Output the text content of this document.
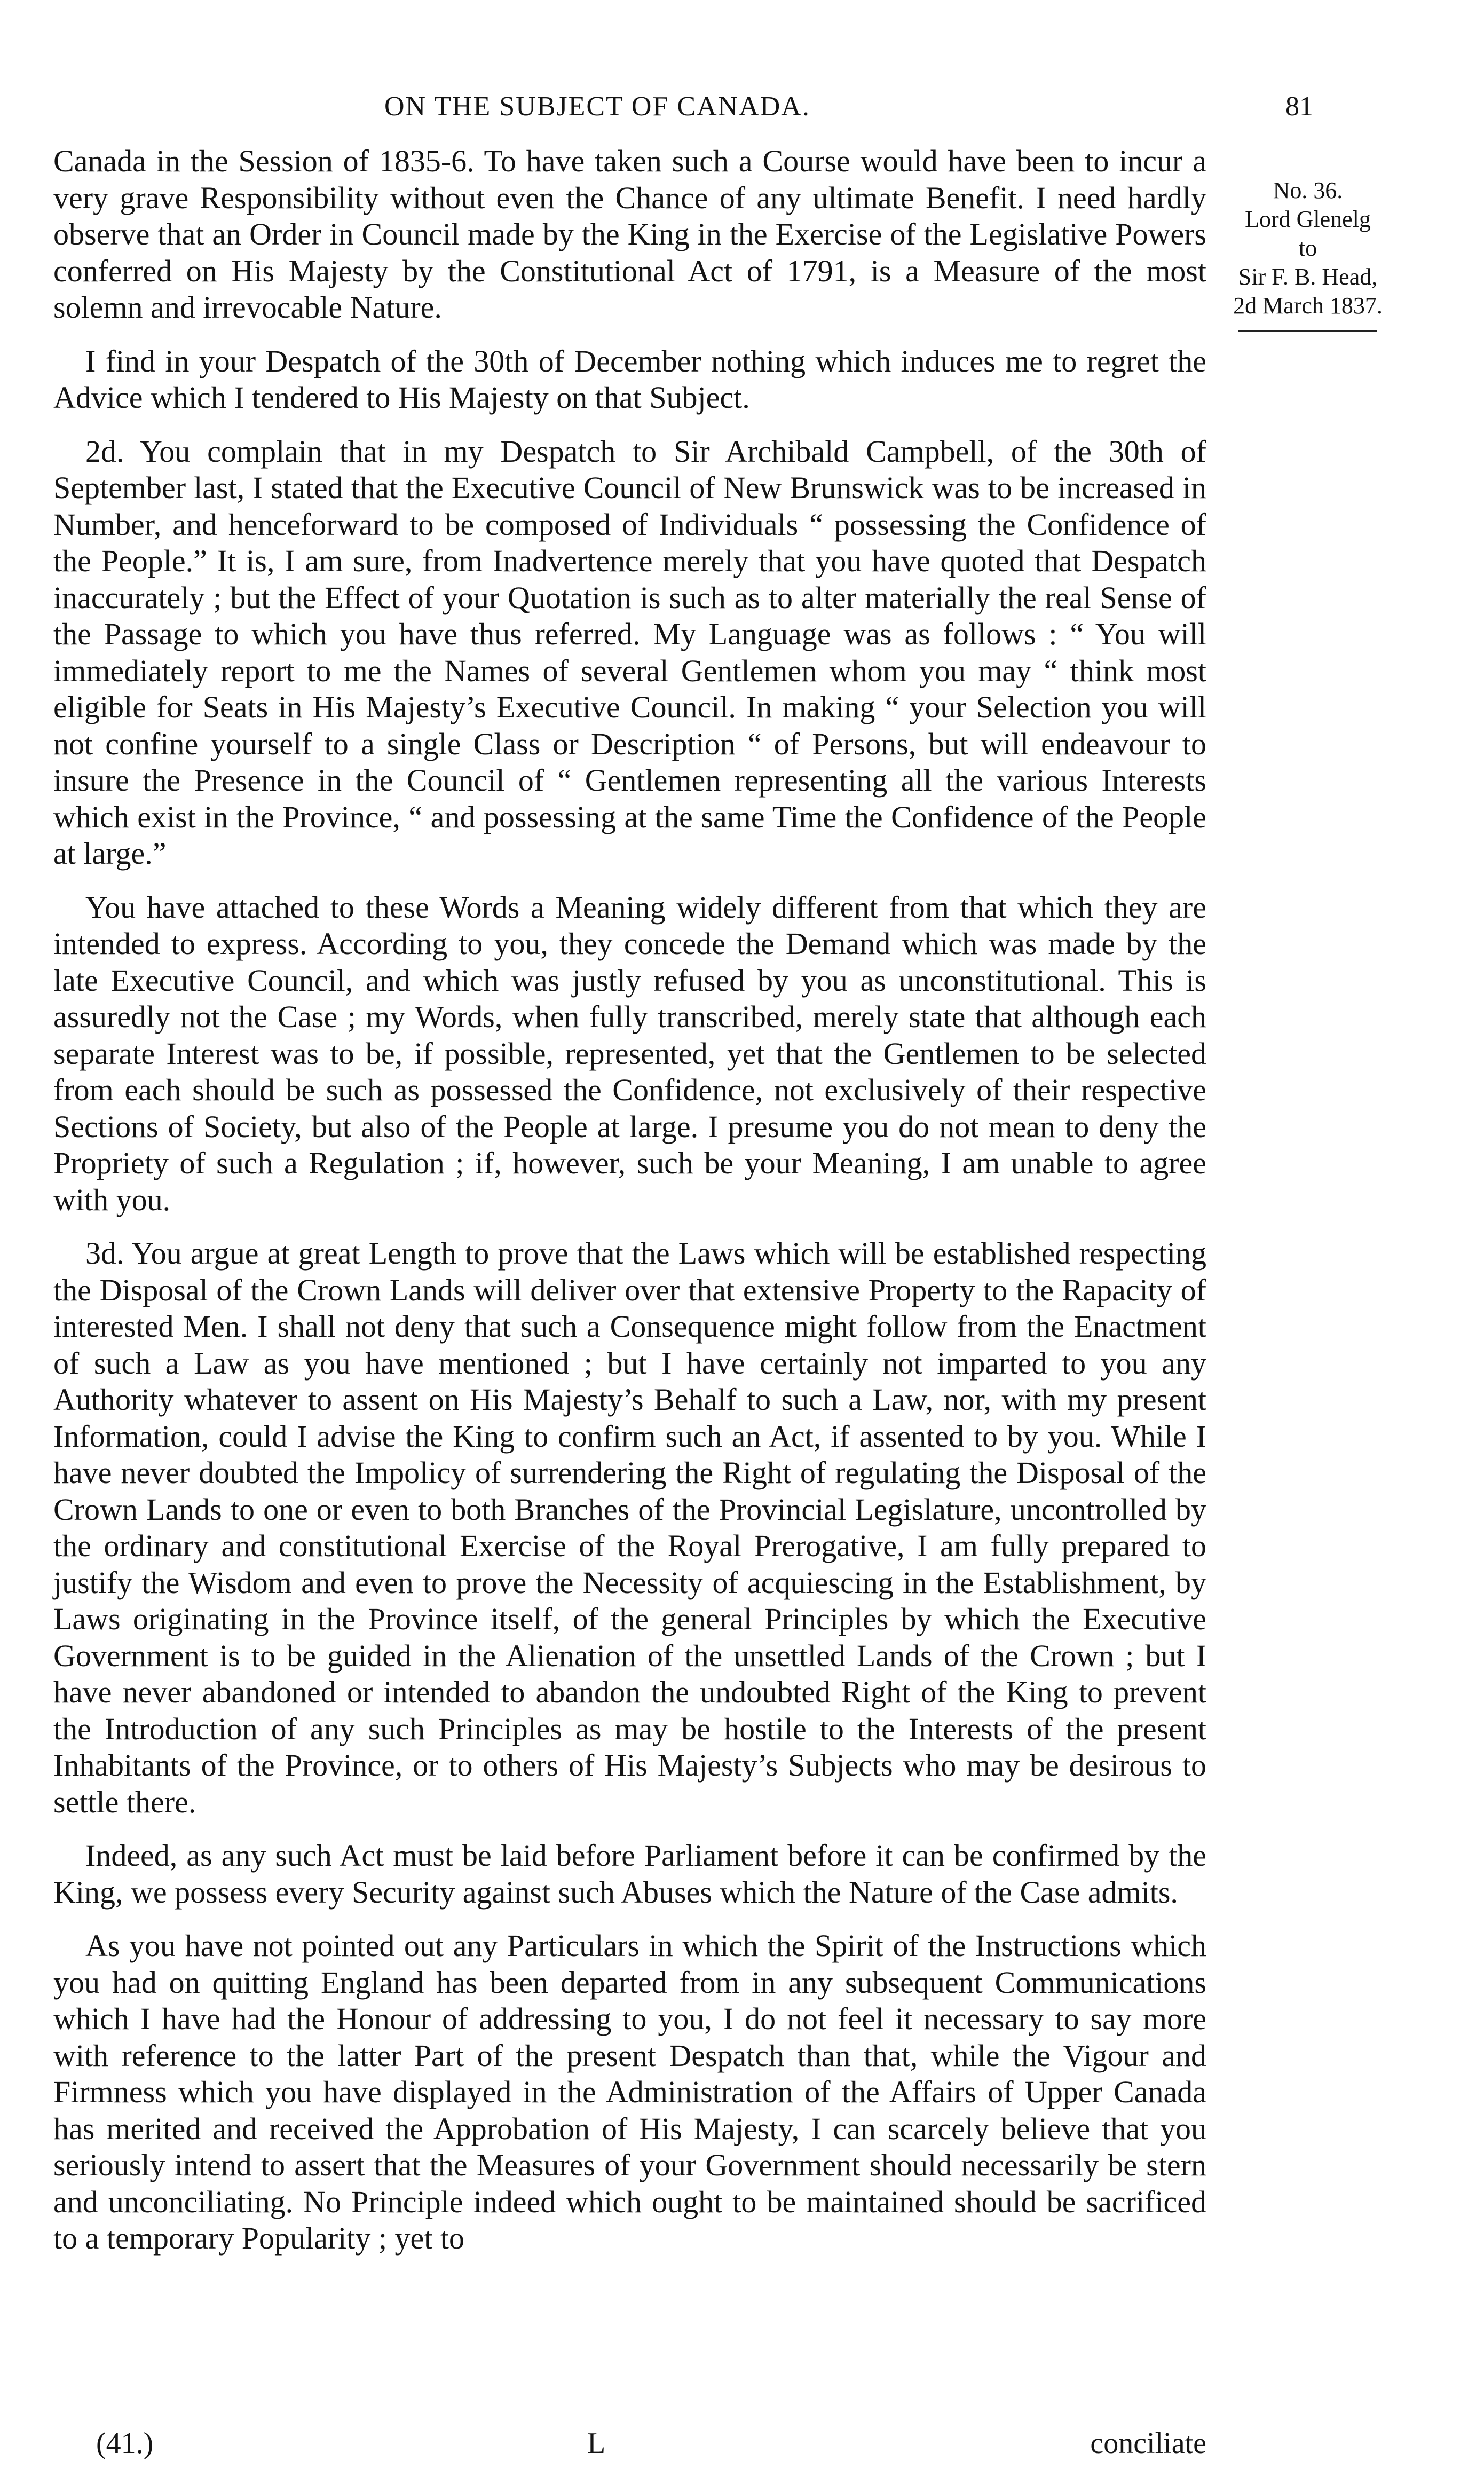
ON THE SUBJECT OF CANADA.	81
No. 36.
Lord Glenelg
to
Sir F. B. Head,
2d March 1837.

Canada in the Session of 1835-6. To have taken such a Course would have been to incur a very grave Responsibility without even the Chance of any ultimate Benefit. I need hardly observe that an Order in Council made by the King in the Exercise of the Legislative Powers conferred on His Majesty by the Constitutional Act of 1791, is a Measure of the most solemn and irrevocable Nature.

I find in your Despatch of the 30th of December nothing which induces me to regret the Advice which I tendered to His Majesty on that Subject.

2d. You complain that in my Despatch to Sir Archibald Campbell, of the 30th of September last, I stated that the Executive Council of New Brunswick was to be increased in Number, and henceforward to be composed of Individuals “ possessing the Confidence of the People.” It is, I am sure, from Inadvertence merely that you have quoted that Despatch inaccurately ; but the Effect of your Quotation is such as to alter materially the real Sense of the Passage to which you have thus referred. My Language was as follows : “ You will immediately report to me the Names of several Gentlemen whom you may “ think most eligible for Seats in His Majesty’s Executive Council. In making “ your Selection you will not confine yourself to a single Class or Description “ of Persons, but will endeavour to insure the Presence in the Council of “ Gentlemen representing all the various Interests which exist in the Province, “ and possessing at the same Time the Confidence of the People at large.”

You have attached to these Words a Meaning widely different from that which they are intended to express. According to you, they concede the Demand which was made by the late Executive Council, and which was justly refused by you as unconstitutional. This is assuredly not the Case ; my Words, when fully transcribed, merely state that although each separate Interest was to be, if possible, represented, yet that the Gentlemen to be selected from each should be such as possessed the Confidence, not exclusively of their respective Sections of Society, but also of the People at large. I presume you do not mean to deny the Propriety of such a Regulation ; if, however, such be your Meaning, I am unable to agree with you.

3d. You argue at great Length to prove that the Laws which will be established respecting the Disposal of the Crown Lands will deliver over that extensive Property to the Rapacity of interested Men. I shall not deny that such a Consequence might follow from the Enactment of such a Law as you have mentioned ; but I have certainly not imparted to you any Authority whatever to assent on His Majesty’s Behalf to such a Law, nor, with my present Information, could I advise the King to confirm such an Act, if assented to by you. While I have never doubted the Impolicy of surrendering the Right of regulating the Disposal of the Crown Lands to one or even to both Branches of the Provincial Legislature, uncontrolled by the ordinary and constitutional Exercise of the Royal Prerogative, I am fully prepared to justify the Wisdom and even to prove the Necessity of acquiescing in the Establishment, by Laws originating in the Province itself, of the general Principles by which the Executive Government is to be guided in the Alienation of the unsettled Lands of the Crown ; but I have never abandoned or intended to abandon the undoubted Right of the King to prevent the Introduction of any such Principles as may be hostile to the Interests of the present Inhabitants of the Province, or to others of His Majesty’s Subjects who may be desirous to settle there.

Indeed, as any such Act must be laid before Parliament before it can be confirmed by the King, we possess every Security against such Abuses which the Nature of the Case admits.

As you have not pointed out any Particulars in which the Spirit of the Instructions which you had on quitting England has been departed from in any subsequent Communications which I have had the Honour of addressing to you, I do not feel it necessary to say more with reference to the latter Part of the present Despatch than that, while the Vigour and Firmness which you have displayed in the Administration of the Affairs of Upper Canada has merited and received the Approbation of His Majesty, I can scarcely believe that you seriously intend to assert that the Measures of your Government should necessarily be stern and unconciliating. No Principle indeed which ought to be maintained should be sacrificed to a temporary Popularity ; yet to

(41.)	L	conciliate
